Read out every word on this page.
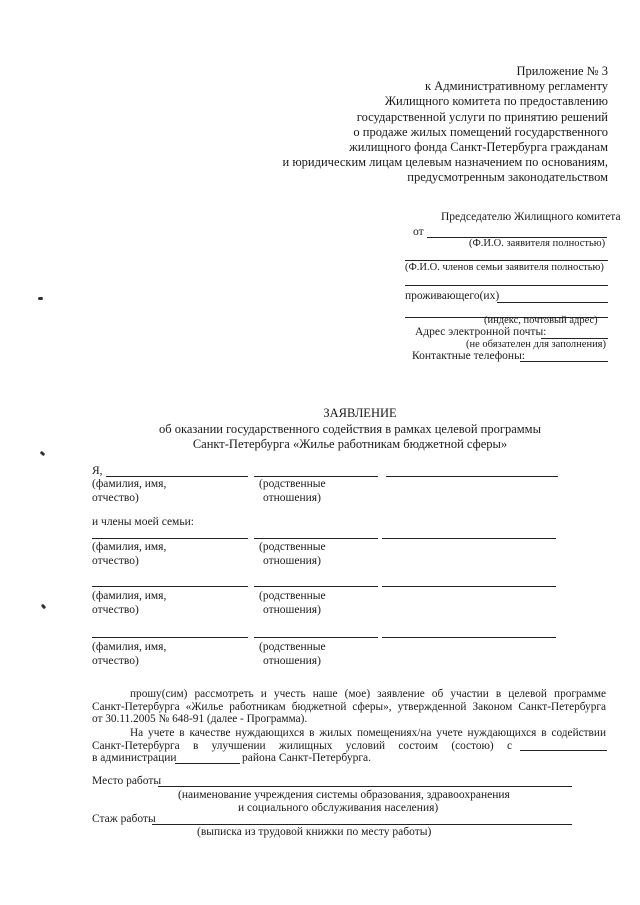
Приложение № 3
к Административному регламенту
Жилищного комитета по предоставлению
государственной услуги по принятию решений
о продаже жилых помещений государственного
жилищного фонда Санкт-Петербурга гражданам
и юридическим лицам целевым назначением по основаниям,
предусмотренным законодательством
Председателю Жилищного комитета
от
(Ф.И.О. заявителя полностью)
(Ф.И.О. членов семьи заявителя полностью)
проживающего(их)
(индекс, почтовый адрес)
Адрес электронной почты:
(не обязателен для заполнения)
Контактные телефоны:
ЗАЯВЛЕНИЕ
об оказании государственного содействия в рамках целевой программы
Санкт-Петербурга «Жилье работникам бюджетной сферы»
Я,
(фамилия, имя,
отчество)
(родственные
отношения)
и члены моей семьи:
(фамилия, имя,
отчество)
(родственные
отношения)
(фамилия, имя,
отчество)
(родственные
отношения)
(фамилия, имя,
отчество)
(родственные
отношения)
прошу(сим) рассмотреть и учесть наше (мое) заявление об участии в целевой программе
Санкт-Петербурга «Жилье работникам бюджетной сферы», утвержденной Законом Санкт-Петербурга
от 30.11.2005 № 648-91 (далее - Программа).
На учете в качестве нуждающихся в жилых помещениях/на учете нуждающихся в содействии
Санкт-Петербурга в улучшении жилищных условий состоим (состою) с
в администрации	района Санкт-Петербурга.
Место работы
(наименование учреждения системы образования, здравоохранения
и социального обслуживания населения)
Стаж работы
(выписка из трудовой книжки по месту работы)
